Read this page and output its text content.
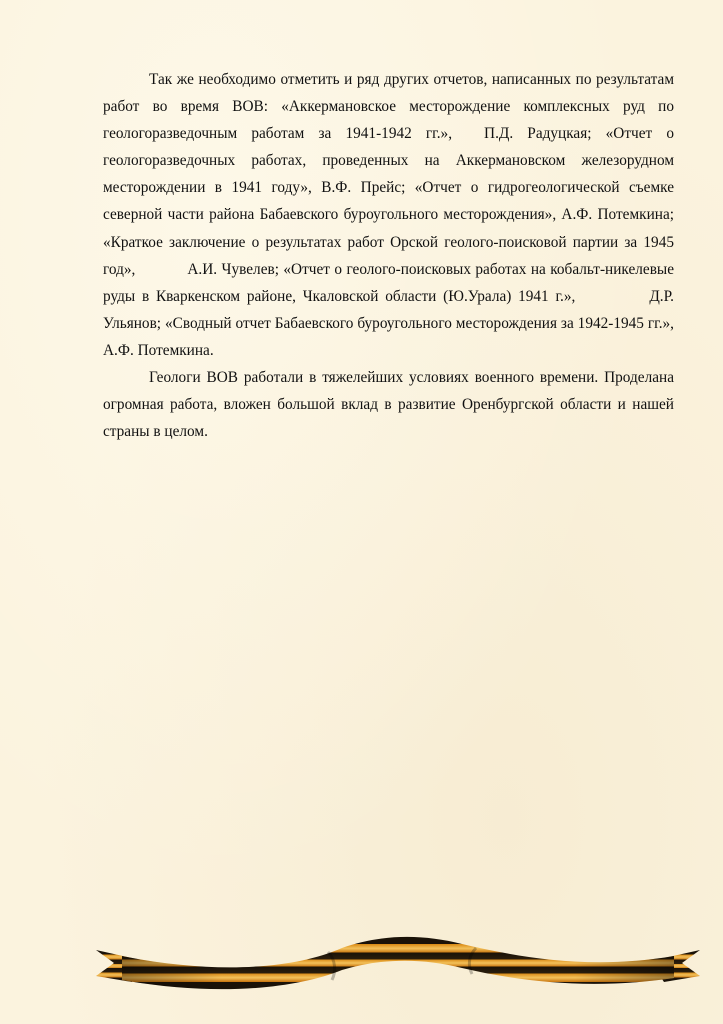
Так же необходимо отметить и ряд других отчетов, написанных по результатам работ во время ВОВ: «Аккермановское месторождение комплексных руд по геологоразведочным работам за 1941-1942 гг.», П.Д. Радуцкая; «Отчет о геологоразведочных работах, проведенных на Аккермановском железорудном месторождении в 1941 году», В.Ф. Прейс; «Отчет о гидрогеологической съемке северной части района Бабаевского буроугольного месторождения», А.Ф. Потемкина; «Краткое заключение о результатах работ Орской геолого-поисковой партии за 1945 год»,	А.И. Чувелев; «Отчет о геолого-поисковых работах на кобальт-никелевые руды в Кваркенском районе, Чкаловской области (Ю.Урала) 1941 г.»,	Д.Р. Ульянов; «Сводный отчет Бабаевского буроугольного месторождения за 1942-1945 гг.», А.Ф. Потемкина.

Геологи ВОВ работали в тяжелейших условиях военного времени. Проделана огромная работа, вложен большой вклад в развитие Оренбургской области и нашей страны в целом.
